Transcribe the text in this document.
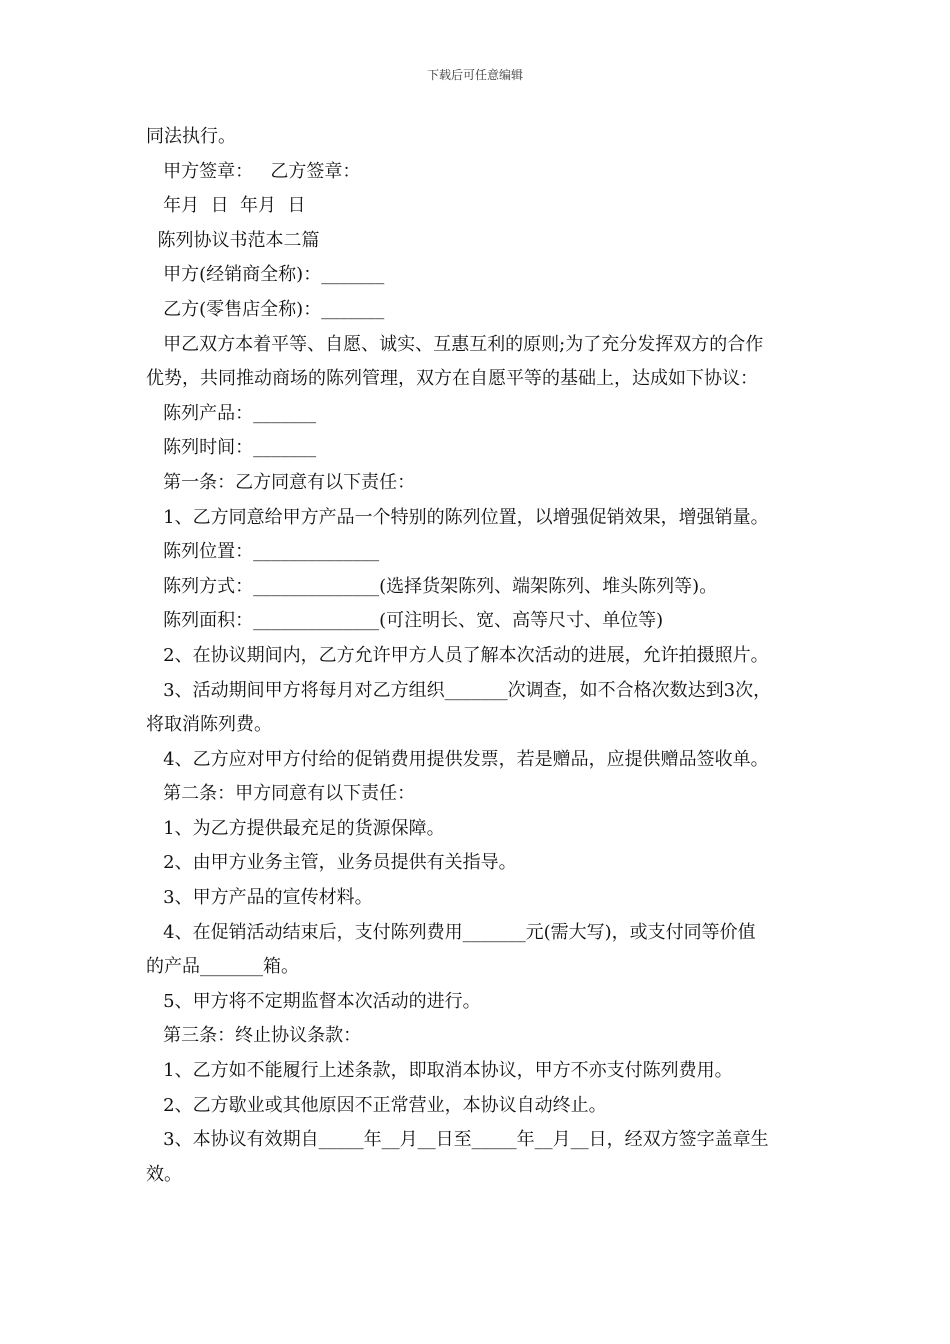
下载后可任意编辑
同法执行。
甲方签章：   乙方签章：
年月  日  年月  日
陈列协议书范本二篇
甲方(经销商全称)：_______
乙方(零售店全称)：_______
甲乙双方本着平等、自愿、诚实、互惠互利的原则;为了充分发挥双方的合作
优势，共同推动商场的陈列管理，双方在自愿平等的基础上，达成如下协议：
陈列产品：_______
陈列时间：_______
第一条：乙方同意有以下责任：
1、乙方同意给甲方产品一个特别的陈列位置，以增强促销效果，增强销量。
陈列位置：______________
陈列方式：______________(选择货架陈列、端架陈列、堆头陈列等)。
陈列面积：______________(可注明长、宽、高等尺寸、单位等)
2、在协议期间内，乙方允许甲方人员了解本次活动的进展，允许拍摄照片。
3、活动期间甲方将每月对乙方组织_______次调查，如不合格次数达到3次，
将取消陈列费。
4、乙方应对甲方付给的促销费用提供发票，若是赠品，应提供赠品签收单。
第二条：甲方同意有以下责任：
1、为乙方提供最充足的货源保障。
2、由甲方业务主管，业务员提供有关指导。
3、甲方产品的宣传材料。
4、在促销活动结束后，支付陈列费用_______元(需大写)，或支付同等价值
的产品_______箱。
5、甲方将不定期监督本次活动的进行。
第三条：终止协议条款：
1、乙方如不能履行上述条款，即取消本协议，甲方不亦支付陈列费用。
2、乙方歇业或其他原因不正常营业，本协议自动终止。
3、本协议有效期自_____年__月__日至_____年__月__日，经双方签字盖章生
效。
